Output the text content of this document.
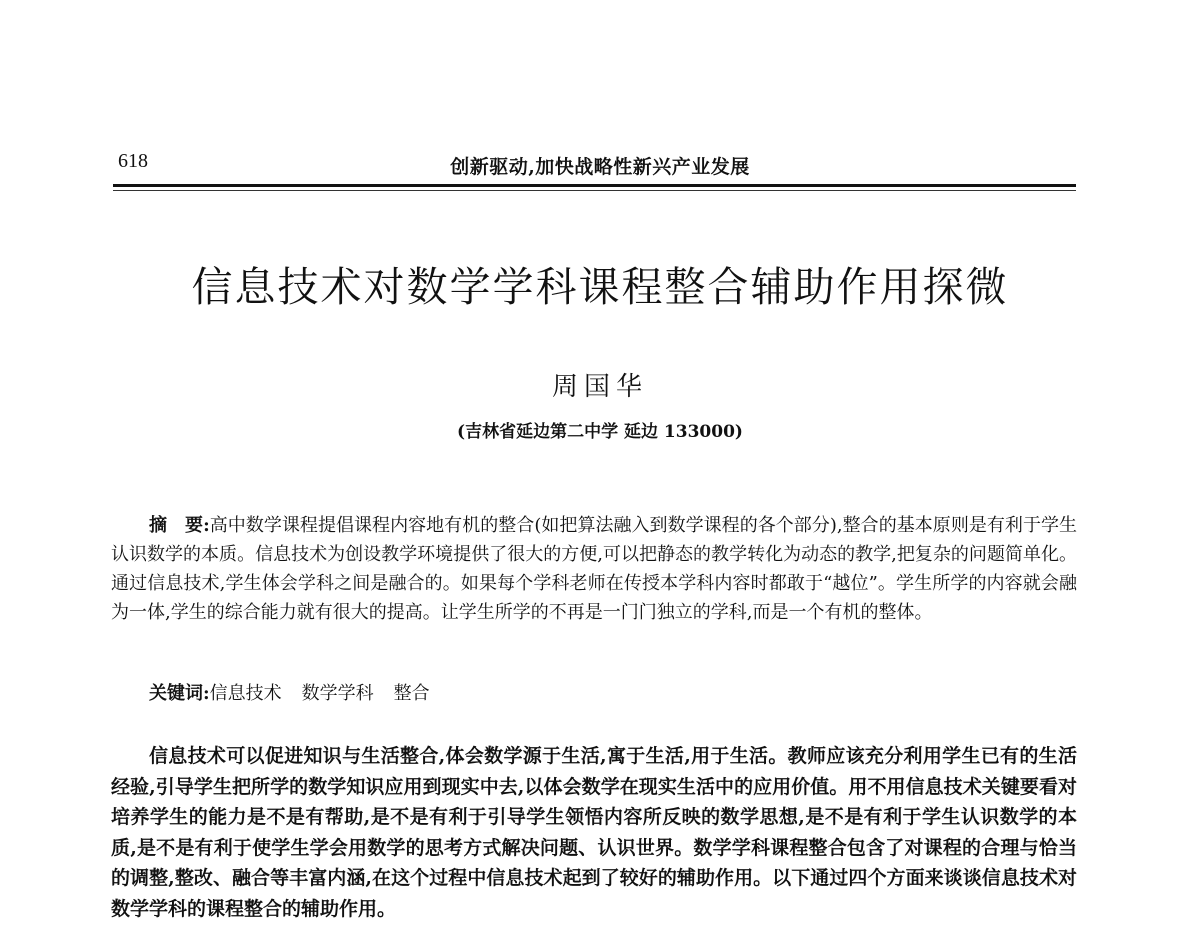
618	创新驱动,加快战略性新兴产业发展
信息技术对数学学科课程整合辅助作用探微
周国华
(吉林省延边第二中学 延边 133000)

摘　要:高中数学课程提倡课程内容地有机的整合(如把算法融入到数学课程的各个部分),整合的基本原则是有利于学生认识数学的本质。信息技术为创设教学环境提供了很大的方便,可以把静态的教学转化为动态的教学,把复杂的问题简单化。通过信息技术,学生体会学科之间是融合的。如果每个学科老师在传授本学科内容时都敢于“越位”。学生所学的内容就会融为一体,学生的综合能力就有很大的提高。让学生所学的不再是一门门独立的学科,而是一个有机的整体。

关键词:信息技术 数学学科 整合

信息技术可以促进知识与生活整合,体会数学源于生活,寓于生活,用于生活。教师应该充分利用学生已有的生活经验,引导学生把所学的数学知识应用到现实中去,以体会数学在现实生活中的应用价值。用不用信息技术关键要看对培养学生的能力是不是有帮助,是不是有利于引导学生领悟内容所反映的数学思想,是不是有利于学生认识数学的本质,是不是有利于使学生学会用数学的思考方式解决问题、认识世界。数学学科课程整合包含了对课程的合理与恰当的调整,整改、融合等丰富内涵,在这个过程中信息技术起到了较好的辅助作用。以下通过四个方面来谈谈信息技术对数学学科的课程整合的辅助作用。
